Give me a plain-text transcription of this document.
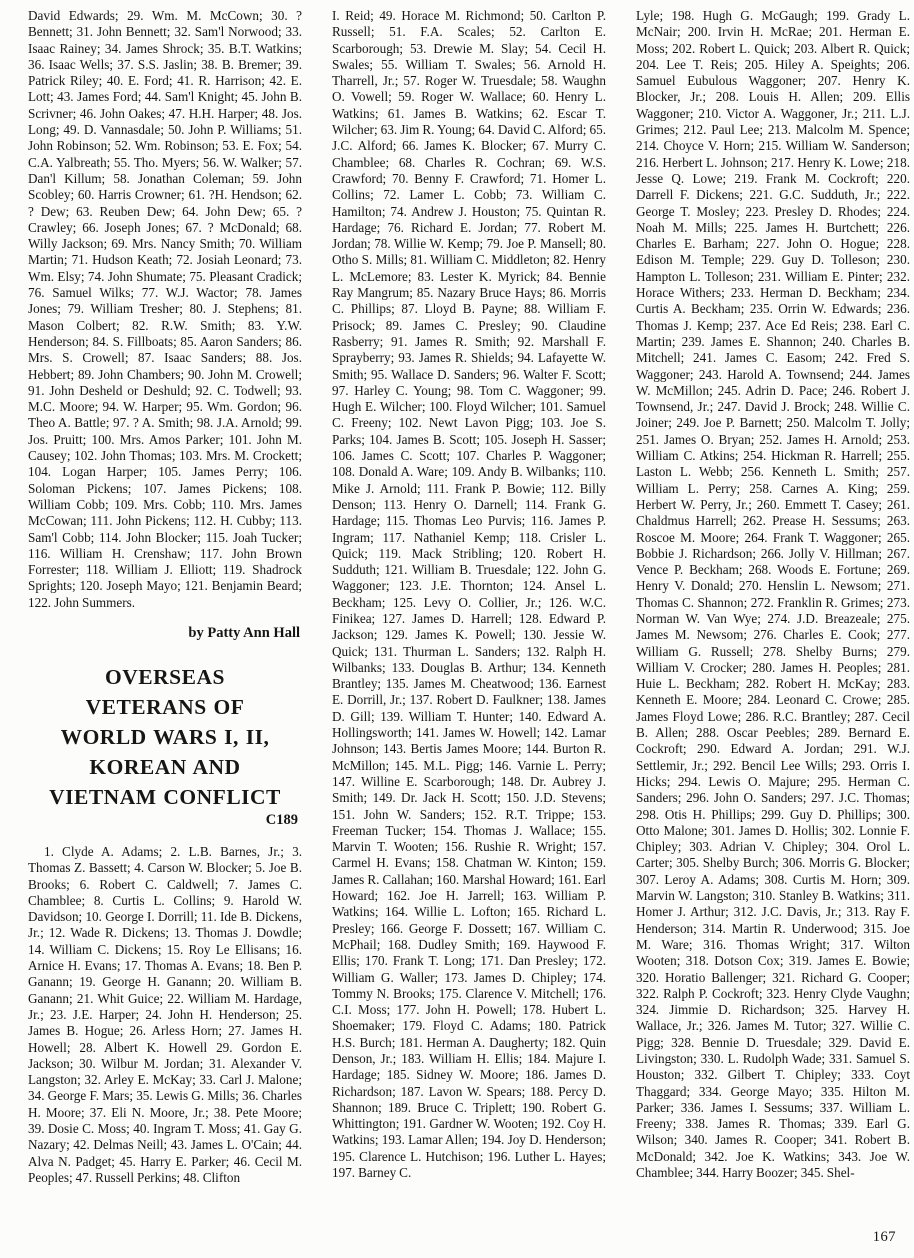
David Edwards; 29. Wm. M. McCown; 30. ? Bennett; 31. John Bennett; 32. Sam'l Norwood; 33. Isaac Rainey; 34. James Shrock; 35. B.T. Watkins; 36. Isaac Wells; 37. S.S. Jaslin; 38. B. Bremer; 39. Patrick Riley; 40. E. Ford; 41. R. Harrison; 42. E. Lott; 43. James Ford; 44. Sam'l Knight; 45. John B. Scrivner; 46. John Oakes; 47. H.H. Harper; 48. Jos. Long; 49. D. Vannasdale; 50. John P. Williams; 51. John Robinson; 52. Wm. Robinson; 53. E. Fox; 54. C.A. Yalbreath; 55. Tho. Myers; 56. W. Walker; 57. Dan'l Killum; 58. Jonathan Coleman; 59. John Scobley; 60. Harris Crowner; 61. ?H. Hendson; 62. ? Dew; 63. Reuben Dew; 64. John Dew; 65. ? Crawley; 66. Joseph Jones; 67. ? McDonald; 68. Willy Jackson; 69. Mrs. Nancy Smith; 70. William Martin; 71. Hudson Keath; 72. Josiah Leonard; 73. Wm. Elsy; 74. John Shumate; 75. Pleasant Cradick; 76. Samuel Wilks; 77. W.J. Wactor; 78. James Jones; 79. William Tresher; 80. J. Stephens; 81. Mason Colbert; 82. R.W. Smith; 83. Y.W. Henderson; 84. S. Fillboats; 85. Aaron Sanders; 86. Mrs. S. Crowell; 87. Isaac Sanders; 88. Jos. Hebbert; 89. John Chambers; 90. John M. Crowell; 91. John Desheld or Deshuld; 92. C. Todwell; 93. M.C. Moore; 94. W. Harper; 95. Wm. Gordon; 96. Theo A. Battle; 97. ? A. Smith; 98. J.A. Arnold; 99. Jos. Pruitt; 100. Mrs. Amos Parker; 101. John M. Causey; 102. John Thomas; 103. Mrs. M. Crockett; 104. Logan Harper; 105. James Perry; 106. Soloman Pickens; 107. James Pickens; 108. William Cobb; 109. Mrs. Cobb; 110. Mrs. James McCowan; 111. John Pickens; 112. H. Cubby; 113. Sam'l Cobb; 114. John Blocker; 115. Joah Tucker; 116. William H. Crenshaw; 117. John Brown Forrester; 118. William J. Elliott; 119. Shadrock Sprights; 120. Joseph Mayo; 121. Benjamin Beard; 122. John Summers.

by Patty Ann Hall
OVERSEAS
VETERANS OF
WORLD WARS I, II,
KOREAN AND
VIETNAM CONFLICT
C189

1. Clyde A. Adams; 2. L.B. Barnes, Jr.; 3. Thomas Z. Bassett; 4. Carson W. Blocker; 5. Joe B. Brooks; 6. Robert C. Caldwell; 7. James C. Chamblee; 8. Curtis L. Collins; 9. Harold W. Davidson; 10. George I. Dorrill; 11. Ide B. Dickens, Jr.; 12. Wade R. Dickens; 13. Thomas J. Dowdle; 14. William C. Dickens; 15. Roy Le Ellisans; 16. Arnice H. Evans; 17. Thomas A. Evans; 18. Ben P. Ganann; 19. George H. Ganann; 20. William B. Ganann; 21. Whit Guice; 22. William M. Hardage, Jr.; 23. J.E. Harper; 24. John H. Henderson; 25. James B. Hogue; 26. Arless Horn; 27. James H. Howell; 28. Albert K. Howell 29. Gordon E. Jackson; 30. Wilbur M. Jordan; 31. Alexander V. Langston; 32. Arley E. McKay; 33. Carl J. Malone; 34. George F. Mars; 35. Lewis G. Mills; 36. Charles H. Moore; 37. Eli N. Moore, Jr.; 38. Pete Moore; 39. Dosie C. Moss; 40. Ingram T. Moss; 41. Gay G. Nazary; 42. Delmas Neill; 43. James L. O'Cain; 44. Alva N. Padget; 45. Harry E. Parker; 46. Cecil M. Peoples; 47. Russell Perkins; 48. Clifton

I. Reid; 49. Horace M. Richmond; 50. Carlton P. Russell; 51. F.A. Scales; 52. Carlton E. Scarborough; 53. Drewie M. Slay; 54. Cecil H. Swales; 55. William T. Swales; 56. Arnold H. Tharrell, Jr.; 57. Roger W. Truesdale; 58. Waughn O. Vowell; 59. Roger W. Wallace; 60. Henry L. Watkins; 61. James B. Watkins; 62. Escar T. Wilcher; 63. Jim R. Young; 64. David C. Alford; 65. J.C. Alford; 66. James K. Blocker; 67. Murry C. Chamblee; 68. Charles R. Cochran; 69. W.S. Crawford; 70. Benny F. Crawford; 71. Homer L. Collins; 72. Lamer L. Cobb; 73. William C. Hamilton; 74. Andrew J. Houston; 75. Quintan R. Hardage; 76. Richard E. Jordan; 77. Robert M. Jordan; 78. Willie W. Kemp; 79. Joe P. Mansell; 80. Otho S. Mills; 81. William C. Middleton; 82. Henry L. McLemore; 83. Lester K. Myrick; 84. Bennie Ray Mangrum; 85. Nazary Bruce Hays; 86. Morris C. Phillips; 87. Lloyd B. Payne; 88. William F. Prisock; 89. James C. Presley; 90. Claudine Rasberry; 91. James R. Smith; 92. Marshall F. Sprayberry; 93. James R. Shields; 94. Lafayette W. Smith; 95. Wallace D. Sanders; 96. Walter F. Scott; 97. Harley C. Young; 98. Tom C. Waggoner; 99. Hugh E. Wilcher; 100. Floyd Wilcher; 101. Samuel C. Freeny; 102. Newt Lavon Pigg; 103. Joe S. Parks; 104. James B. Scott; 105. Joseph H. Sasser; 106. James C. Scott; 107. Charles P. Waggoner; 108. Donald A. Ware; 109. Andy B. Wilbanks; 110. Mike J. Arnold; 111. Frank P. Bowie; 112. Billy Denson; 113. Henry O. Darnell; 114. Frank G. Hardage; 115. Thomas Leo Purvis; 116. James P. Ingram; 117. Nathaniel Kemp; 118. Crisler L. Quick; 119. Mack Stribling; 120. Robert H. Sudduth; 121. William B. Truesdale; 122. John G. Waggoner; 123. J.E. Thornton; 124. Ansel L. Beckham; 125. Levy O. Collier, Jr.; 126. W.C. Finikea; 127. James D. Harrell; 128. Edward P. Jackson; 129. James K. Powell; 130. Jessie W. Quick; 131. Thurman L. Sanders; 132. Ralph H. Wilbanks; 133. Douglas B. Arthur; 134. Kenneth Brantley; 135. James M. Cheatwood; 136. Earnest E. Dorrill, Jr.; 137. Robert D. Faulkner; 138. James D. Gill; 139. William T. Hunter; 140. Edward A. Hollingsworth; 141. James W. Howell; 142. Lamar Johnson; 143. Bertis James Moore; 144. Burton R. McMillon; 145. M.L. Pigg; 146. Varnie L. Perry; 147. Willine E. Scarborough; 148. Dr. Aubrey J. Smith; 149. Dr. Jack H. Scott; 150. J.D. Stevens; 151. John W. Sanders; 152. R.T. Trippe; 153. Freeman Tucker; 154. Thomas J. Wallace; 155. Marvin T. Wooten; 156. Rushie R. Wright; 157. Carmel H. Evans; 158. Chatman W. Kinton; 159. James R. Callahan; 160. Marshal Howard; 161. Earl Howard; 162. Joe H. Jarrell; 163. William P. Watkins; 164. Willie L. Lofton; 165. Richard L. Presley; 166. George F. Dossett; 167. William C. McPhail; 168. Dudley Smith; 169. Haywood F. Ellis; 170. Frank T. Long; 171. Dan Presley; 172. William G. Waller; 173. James D. Chipley; 174. Tommy N. Brooks; 175. Clarence V. Mitchell; 176. C.I. Moss; 177. John H. Powell; 178. Hubert L. Shoemaker; 179. Floyd C. Adams; 180. Patrick H.S. Burch; 181. Herman A. Daugherty; 182. Quin Denson, Jr.; 183. William H. Ellis; 184. Majure I. Hardage; 185. Sidney W. Moore; 186. James D. Richardson; 187. Lavon W. Spears; 188. Percy D. Shannon; 189. Bruce C. Triplett; 190. Robert G. Whittington; 191. Gardner W. Wooten; 192. Coy H. Watkins; 193. Lamar Allen; 194. Joy D. Henderson; 195. Clarence L. Hutchison; 196. Luther L. Hayes; 197. Barney C.

Lyle; 198. Hugh G. McGaugh; 199. Grady L. McNair; 200. Irvin H. McRae; 201. Herman E. Moss; 202. Robert L. Quick; 203. Albert R. Quick; 204. Lee T. Reis; 205. Hiley A. Speights; 206. Samuel Eubulous Waggoner; 207. Henry K. Blocker, Jr.; 208. Louis H. Allen; 209. Ellis Waggoner; 210. Victor A. Waggoner, Jr.; 211. L.J. Grimes; 212. Paul Lee; 213. Malcolm M. Spence; 214. Choyce V. Horn; 215. William W. Sanderson; 216. Herbert L. Johnson; 217. Henry K. Lowe; 218. Jesse Q. Lowe; 219. Frank M. Cockroft; 220. Darrell F. Dickens; 221. G.C. Sudduth, Jr.; 222. George T. Mosley; 223. Presley D. Rhodes; 224. Noah M. Mills; 225. James H. Burtchett; 226. Charles E. Barham; 227. John O. Hogue; 228. Edison M. Temple; 229. Guy D. Tolleson; 230. Hampton L. Tolleson; 231. William E. Pinter; 232. Horace Withers; 233. Herman D. Beckham; 234. Curtis A. Beckham; 235. Orrin W. Edwards; 236. Thomas J. Kemp; 237. Ace Ed Reis; 238. Earl C. Martin; 239. James E. Shannon; 240. Charles B. Mitchell; 241. James C. Easom; 242. Fred S. Waggoner; 243. Harold A. Townsend; 244. James W. McMillon; 245. Adrin D. Pace; 246. Robert J. Townsend, Jr.; 247. David J. Brock; 248. Willie C. Joiner; 249. Joe P. Barnett; 250. Malcolm T. Jolly; 251. James O. Bryan; 252. James H. Arnold; 253. William C. Atkins; 254. Hickman R. Harrell; 255. Laston L. Webb; 256. Kenneth L. Smith; 257. William L. Perry; 258. Carnes A. King; 259. Herbert W. Perry, Jr.; 260. Emmett T. Casey; 261. Chaldmus Harrell; 262. Prease H. Sessums; 263. Roscoe M. Moore; 264. Frank T. Waggoner; 265. Bobbie J. Richardson; 266. Jolly V. Hillman; 267. Vence P. Beckham; 268. Woods E. Fortune; 269. Henry V. Donald; 270. Henslin L. Newsom; 271. Thomas C. Shannon; 272. Franklin R. Grimes; 273. Norman W. Van Wye; 274. J.D. Breazeale; 275. James M. Newsom; 276. Charles E. Cook; 277. William G. Russell; 278. Shelby Burns; 279. William V. Crocker; 280. James H. Peoples; 281. Huie L. Beckham; 282. Robert H. McKay; 283. Kenneth E. Moore; 284. Leonard C. Crowe; 285. James Floyd Lowe; 286. R.C. Brantley; 287. Cecil B. Allen; 288. Oscar Peebles; 289. Bernard E. Cockroft; 290. Edward A. Jordan; 291. W.J. Settlemir, Jr.; 292. Bencil Lee Wills; 293. Orris I. Hicks; 294. Lewis O. Majure; 295. Herman C. Sanders; 296. John O. Sanders; 297. J.C. Thomas; 298. Otis H. Phillips; 299. Guy D. Phillips; 300. Otto Malone; 301. James D. Hollis; 302. Lonnie F. Chipley; 303. Adrian V. Chipley; 304. Orol L. Carter; 305. Shelby Burch; 306. Morris G. Blocker; 307. Leroy A. Adams; 308. Curtis M. Horn; 309. Marvin W. Langston; 310. Stanley B. Watkins; 311. Homer J. Arthur; 312. J.C. Davis, Jr.; 313. Ray F. Henderson; 314. Martin R. Underwood; 315. Joe M. Ware; 316. Thomas Wright; 317. Wilton Wooten; 318. Dotson Cox; 319. James E. Bowie; 320. Horatio Ballenger; 321. Richard G. Cooper; 322. Ralph P. Cockroft; 323. Henry Clyde Vaughn; 324. Jimmie D. Richardson; 325. Harvey H. Wallace, Jr.; 326. James M. Tutor; 327. Willie C. Pigg; 328. Bennie D. Truesdale; 329. David E. Livingston; 330. L. Rudolph Wade; 331. Samuel S. Houston; 332. Gilbert T. Chipley; 333. Coyt Thaggard; 334. George Mayo; 335. Hilton M. Parker; 336. James I. Sessums; 337. William L. Freeny; 338. James R. Thomas; 339. Earl G. Wilson; 340. James R. Cooper; 341. Robert B. McDonald; 342. Joe K. Watkins; 343. Joe W. Chamblee; 344. Harry Boozer; 345. Shel-

167
